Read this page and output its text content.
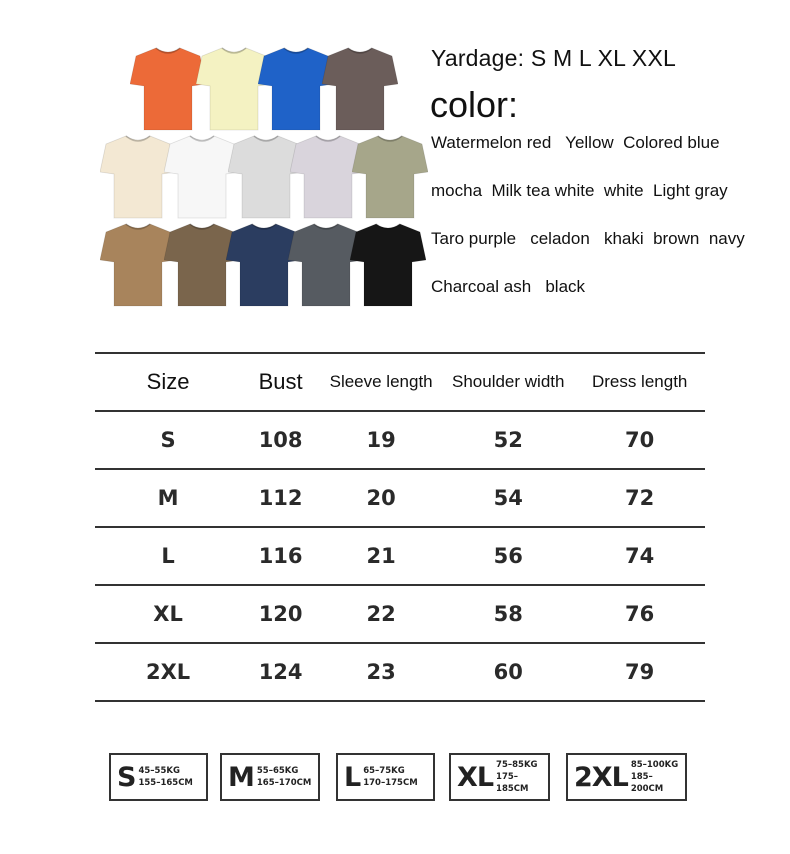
Yardage: S M L XL XXL
color:
Watermelon red   Yellow  Colored blue
mocha  Milk tea white  white  Light gray
Taro purple   celadon   khaki  brown  navy
Charcoal ash   black
Size	Bust	Sleeve length	Shoulder width	Dress length
S	108	19	52	70
M	112	20	54	72
L	116	21	56	74
XL	120	22	58	76
2XL	124	23	60	79
S 45–55KG
155–165CM M 55–65KG
165–170CM L 65–75KG
170–175CM XL 75–85KG
175–185CM	2XL 85–100KG
185–200CM
